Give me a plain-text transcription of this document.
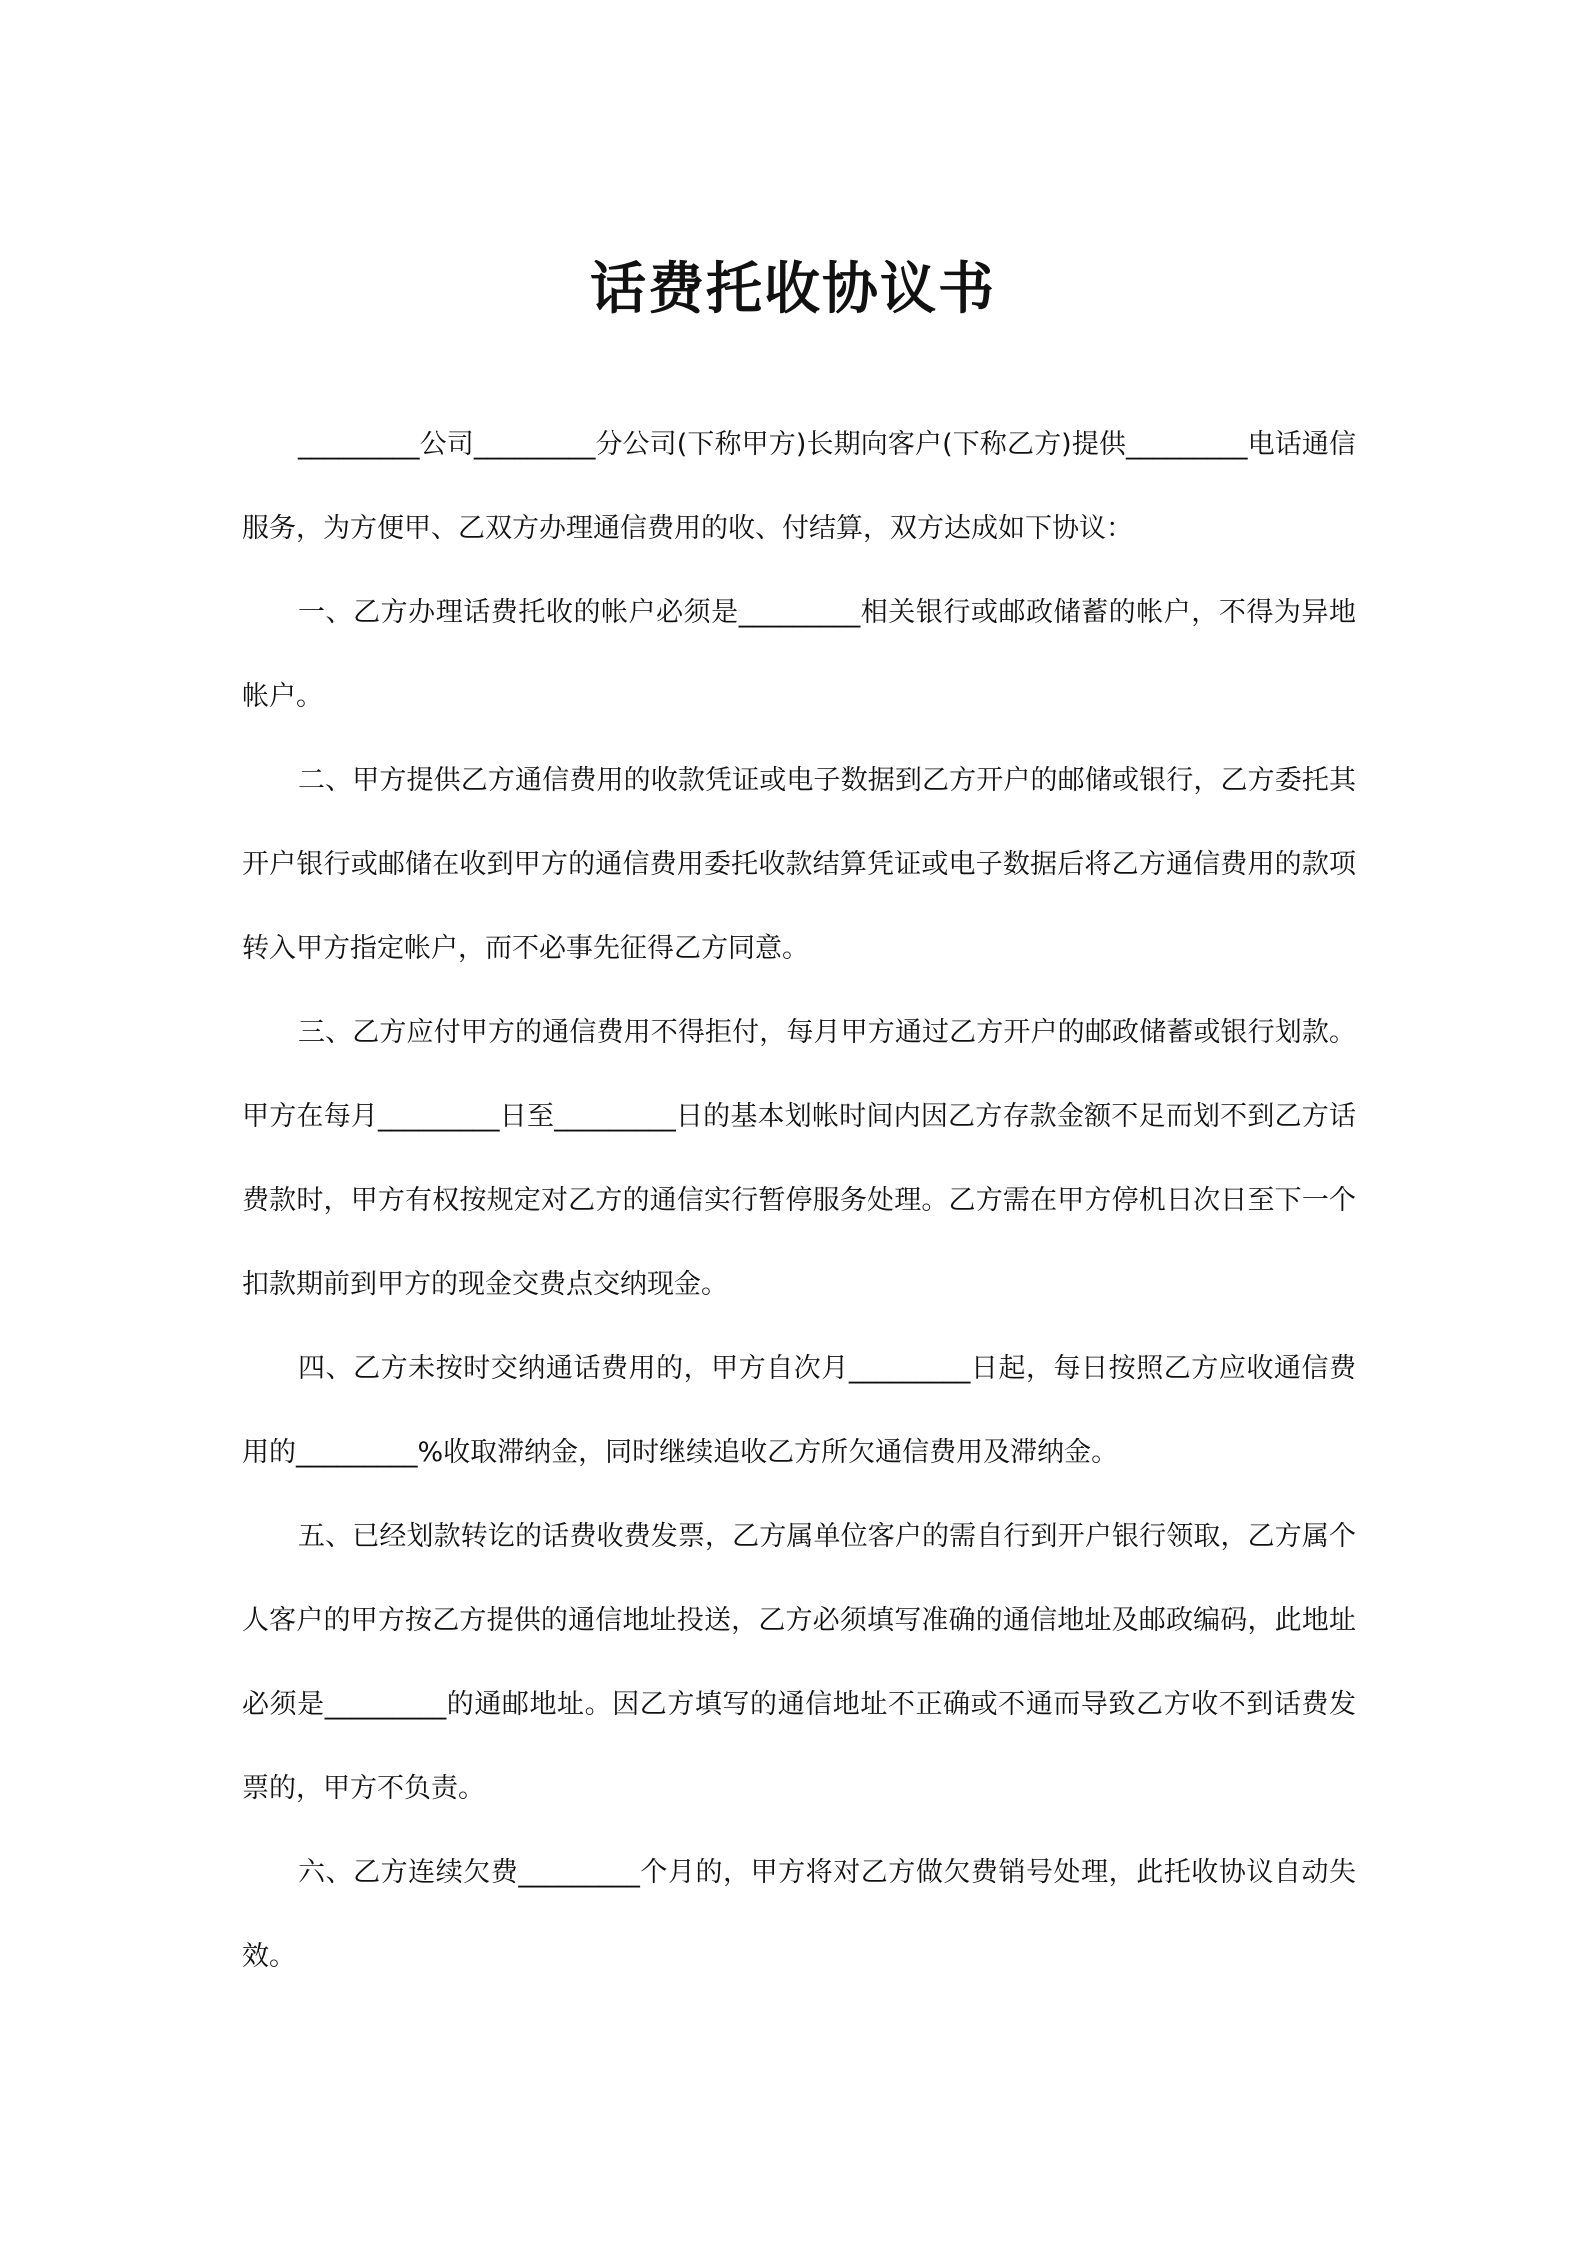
话费托收协议书

_________公司_________分公司(下称甲方)长期向客户(下称乙方)提供_________电话通信服务，为方便甲、乙双方办理通信费用的收、付结算，双方达成如下协议：

一、乙方办理话费托收的帐户必须是_________相关银行或邮政储蓄的帐户，不得为异地帐户。

二、甲方提供乙方通信费用的收款凭证或电子数据到乙方开户的邮储或银行，乙方委托其开户银行或邮储在收到甲方的通信费用委托收款结算凭证或电子数据后将乙方通信费用的款项转入甲方指定帐户，而不必事先征得乙方同意。

三、乙方应付甲方的通信费用不得拒付，每月甲方通过乙方开户的邮政储蓄或银行划款。甲方在每月_________日至_________日的基本划帐时间内因乙方存款金额不足而划不到乙方话费款时，甲方有权按规定对乙方的通信实行暂停服务处理。乙方需在甲方停机日次日至下一个扣款期前到甲方的现金交费点交纳现金。

四、乙方未按时交纳通话费用的，甲方自次月_________日起，每日按照乙方应收通信费用的_________%收取滞纳金，同时继续追收乙方所欠通信费用及滞纳金。

五、已经划款转讫的话费收费发票，乙方属单位客户的需自行到开户银行领取，乙方属个人客户的甲方按乙方提供的通信地址投送，乙方必须填写准确的通信地址及邮政编码，此地址必须是_________的通邮地址。因乙方填写的通信地址不正确或不通而导致乙方收不到话费发票的，甲方不负责。

六、乙方连续欠费_________个月的，甲方将对乙方做欠费销号处理，此托收协议自动失效。
